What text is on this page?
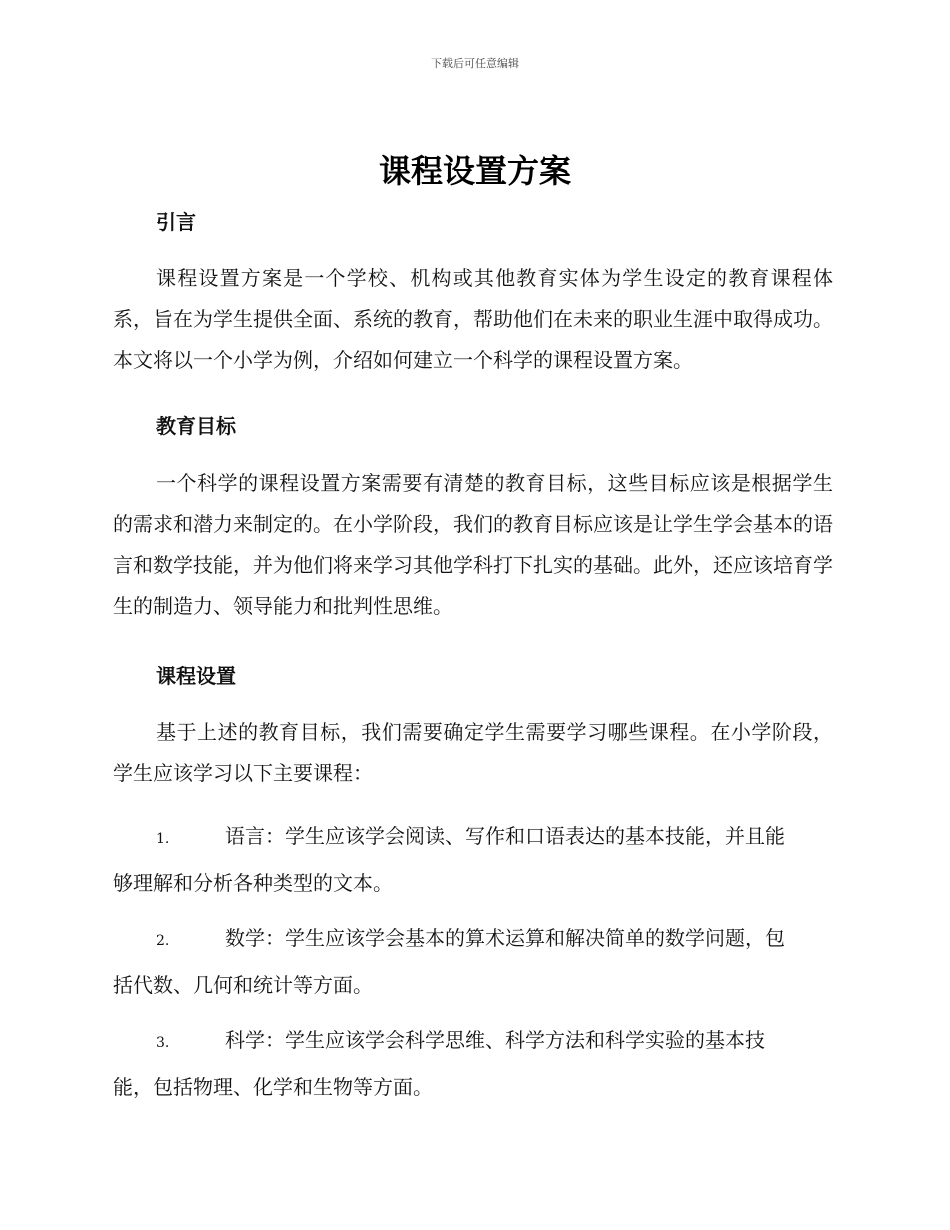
下载后可任意编辑
课程设置方案
引言
课程设置方案是一个学校、机构或其他教育实体为学生设定的教育课程体系，旨在为学生提供全面、系统的教育，帮助他们在未来的职业生涯中取得成功。本文将以一个小学为例，介绍如何建立一个科学的课程设置方案。
教育目标
一个科学的课程设置方案需要有清楚的教育目标，这些目标应该是根据学生的需求和潜力来制定的。在小学阶段，我们的教育目标应该是让学生学会基本的语言和数学技能，并为他们将来学习其他学科打下扎实的基础。此外，还应该培育学生的制造力、领导能力和批判性思维。
课程设置
基于上述的教育目标，我们需要确定学生需要学习哪些课程。在小学阶段，学生应该学习以下主要课程：
1.	语言：学生应该学会阅读、写作和口语表达的基本技能，并且能
够理解和分析各种类型的文本。
2.	数学：学生应该学会基本的算术运算和解决简单的数学问题，包
括代数、几何和统计等方面。
3.	科学：学生应该学会科学思维、科学方法和科学实验的基本技
能，包括物理、化学和生物等方面。
